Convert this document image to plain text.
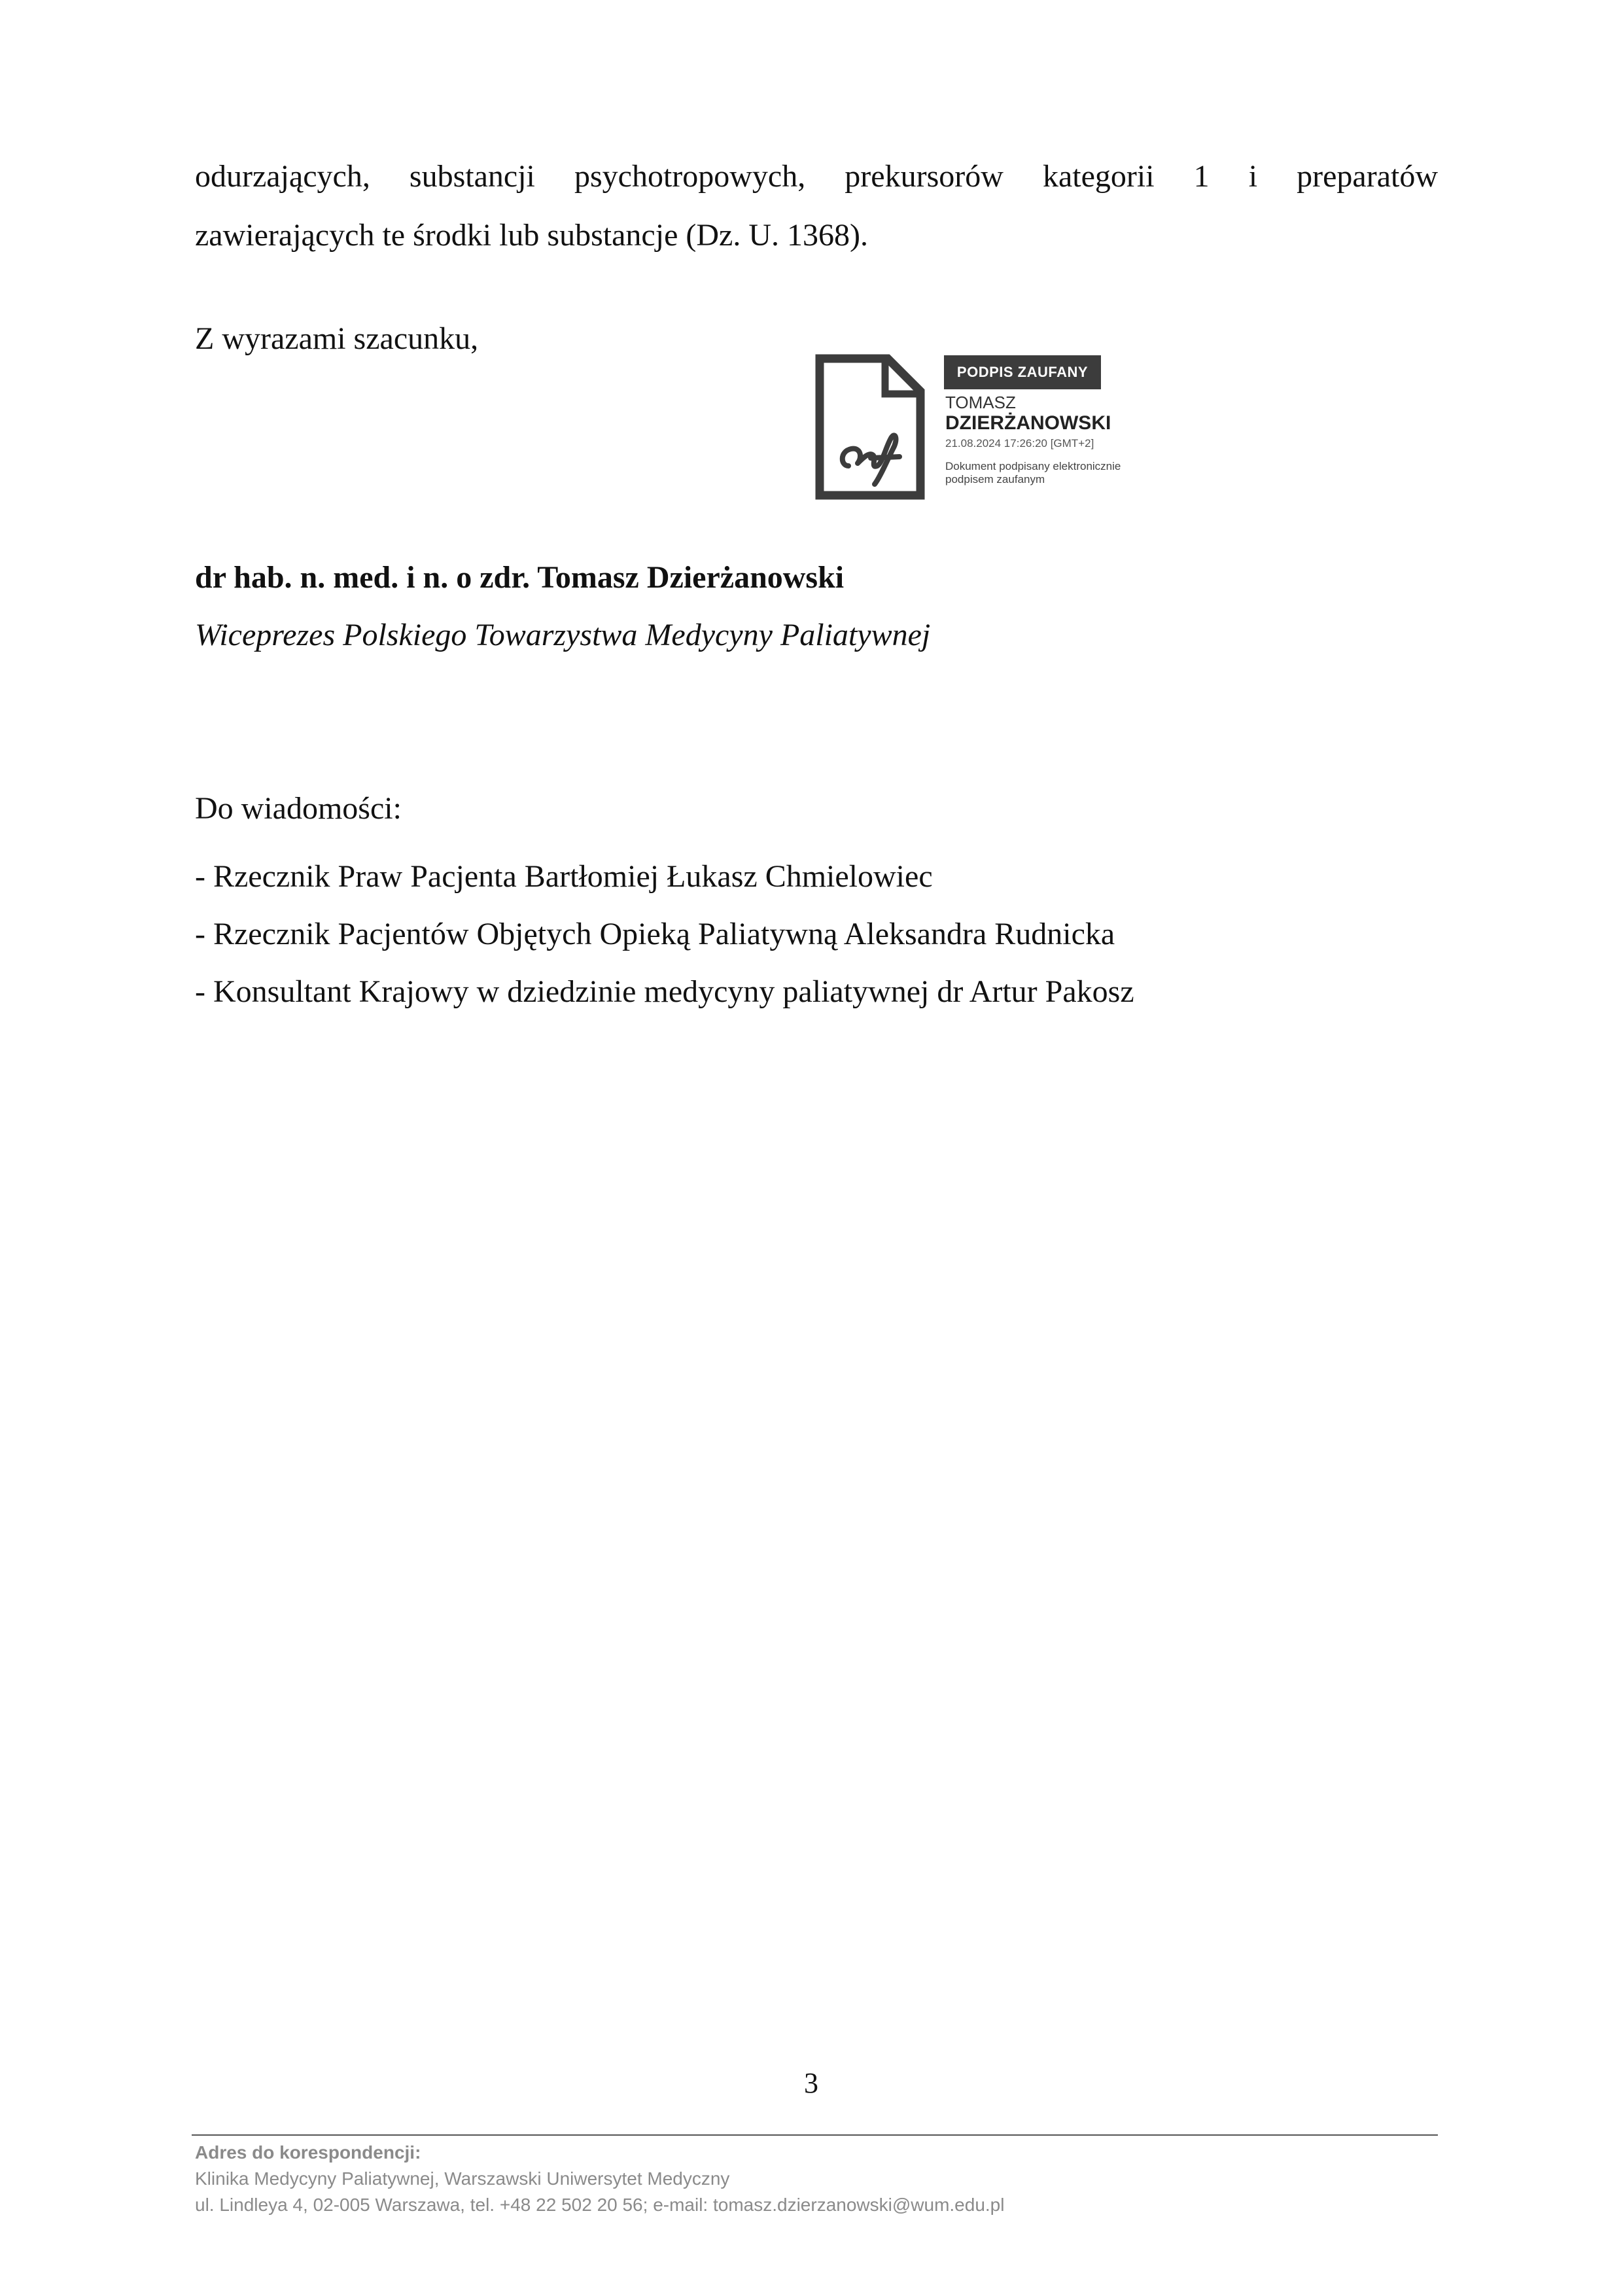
odurzających, substancji psychotropowych, prekursorów kategorii 1 i preparatów
zawierających te środki lub substancje (Dz. U. 1368).
Z wyrazami szacunku,
PODPIS ZAUFANY
TOMASZ
DZIERŻANOWSKI
21.08.2024 17:26:20 [GMT+2]
Dokument podpisany elektronicznie podpisem zaufanym
dr hab. n. med. i n. o zdr. Tomasz Dzierżanowski
Wiceprezes Polskiego Towarzystwa Medycyny Paliatywnej
Do wiadomości:
- Rzecznik Praw Pacjenta Bartłomiej Łukasz Chmielowiec
- Rzecznik Pacjentów Objętych Opieką Paliatywną Aleksandra Rudnicka
- Konsultant Krajowy w dziedzinie medycyny paliatywnej dr Artur Pakosz
3
Adres do korespondencji:
Klinika Medycyny Paliatywnej, Warszawski Uniwersytet Medyczny
ul. Lindleya 4, 02-005 Warszawa, tel. +48 22 502 20 56; e-mail: tomasz.dzierzanowski@wum.edu.pl
